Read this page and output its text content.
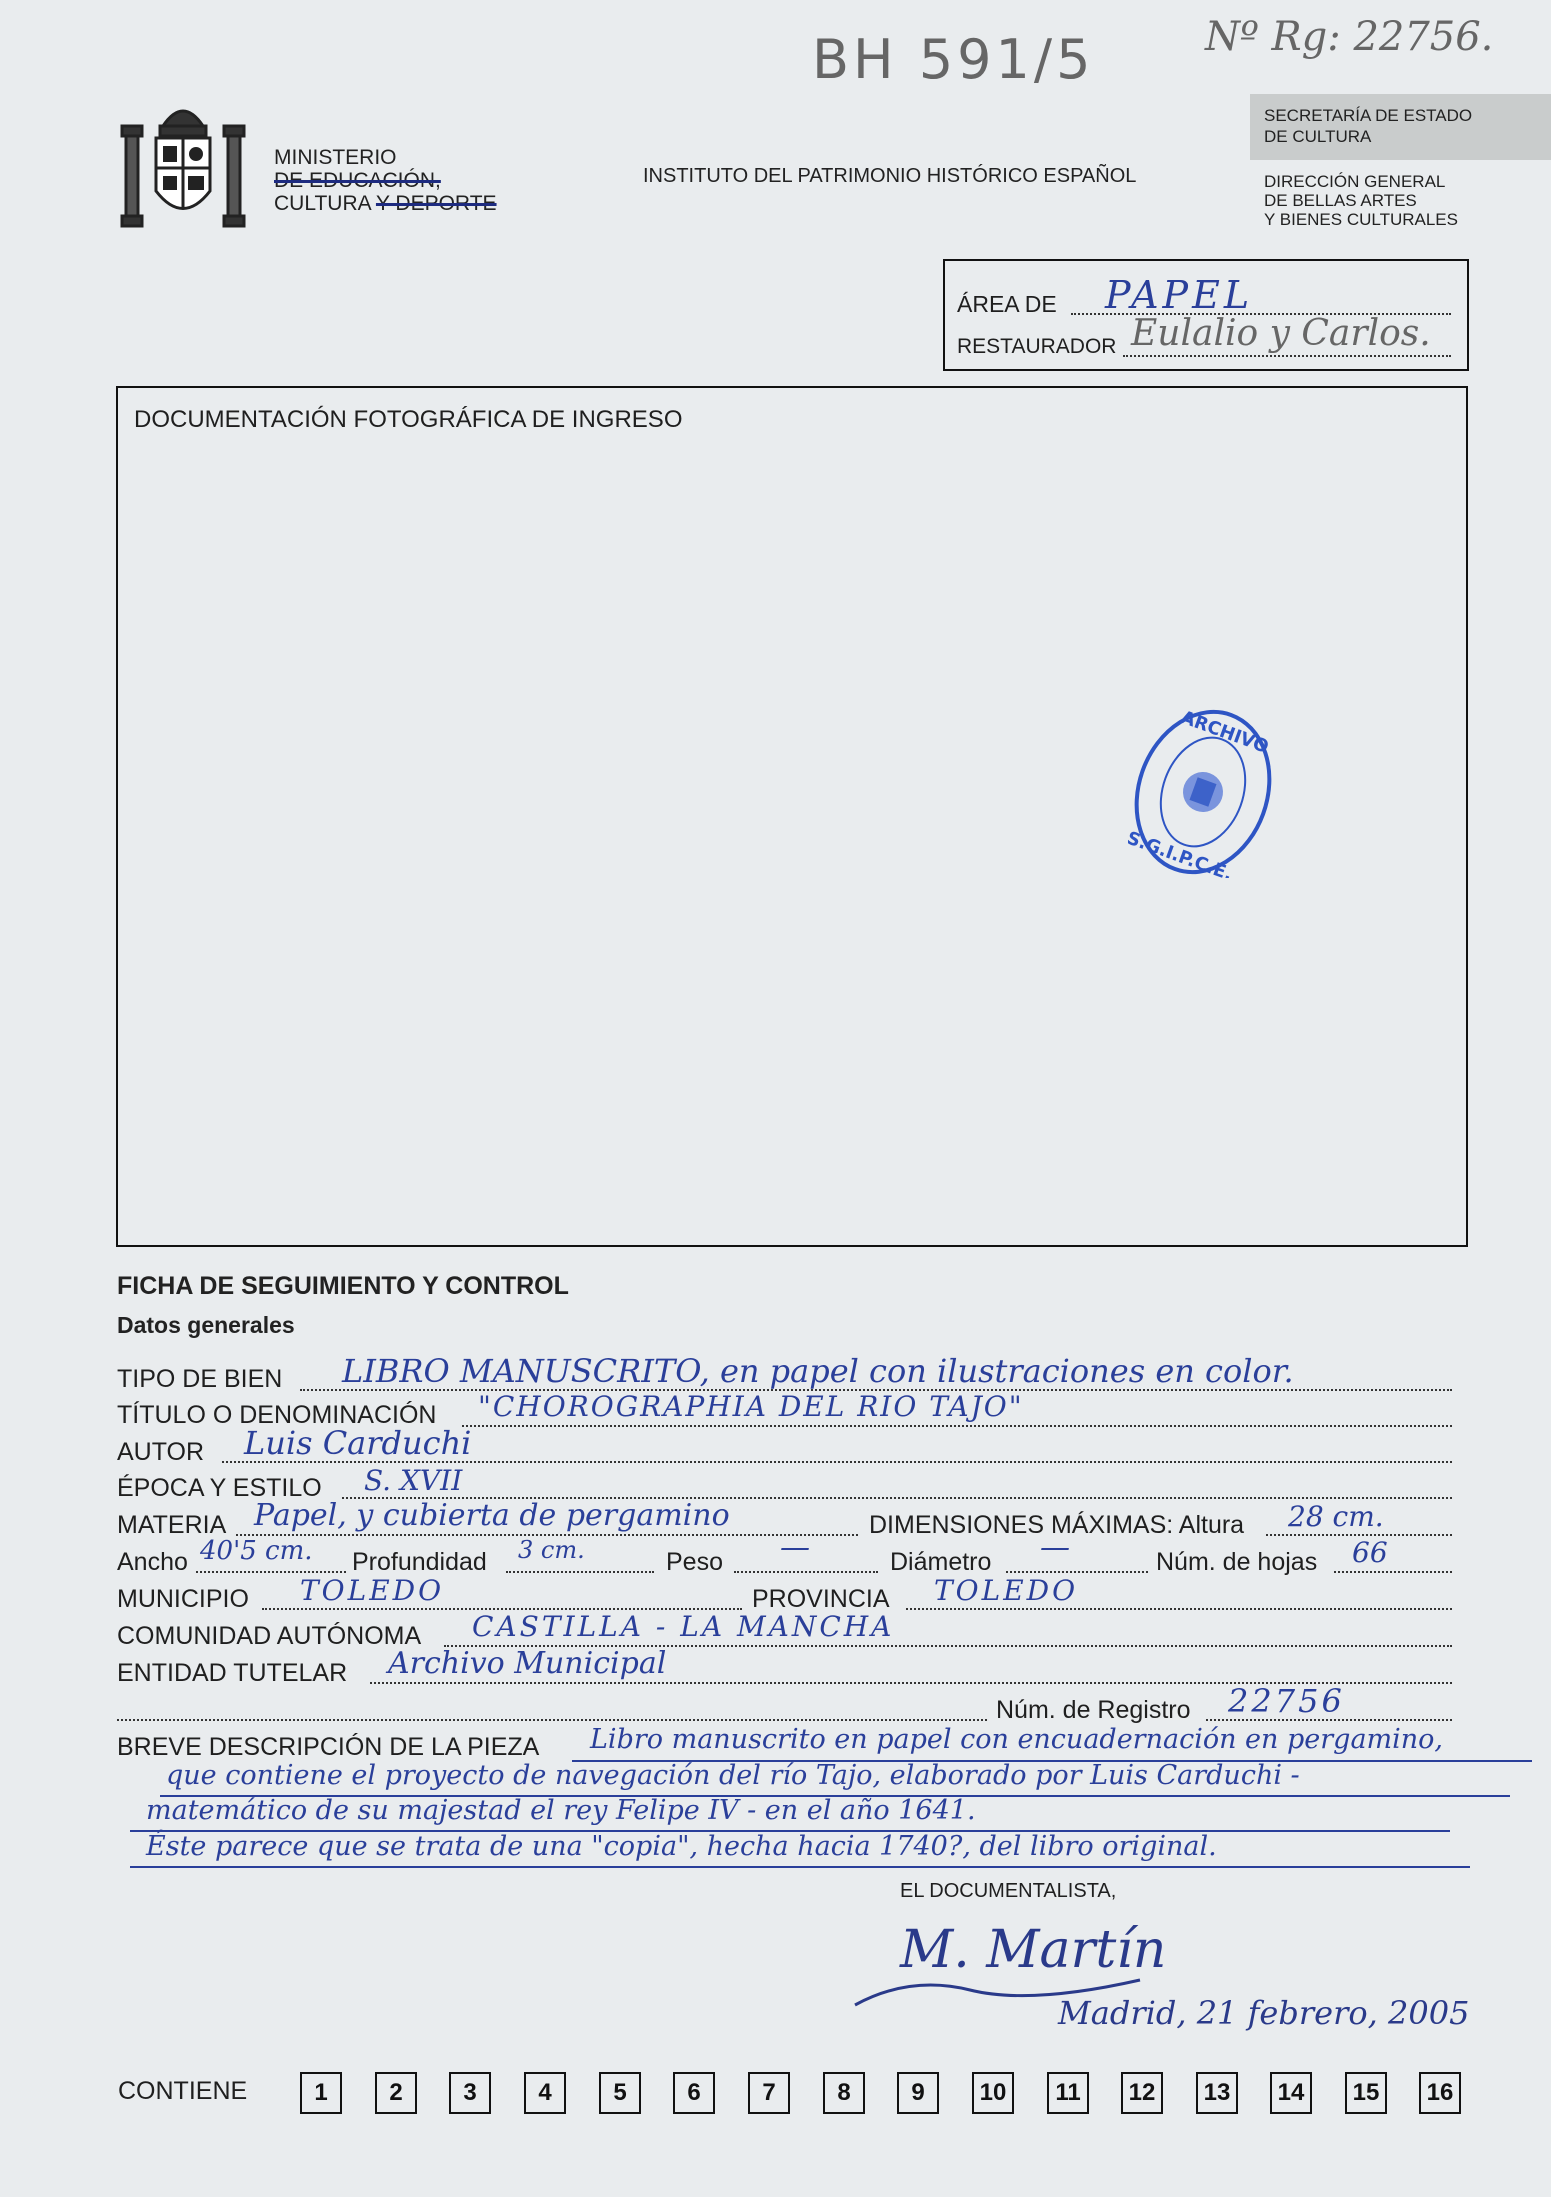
BH 591/5	Nº Rg: 22756.
MINISTERIO
DE EDUCACIÓN,
CULTURA Y DEPORTE
INSTITUTO DEL PATRIMONIO HISTÓRICO ESPAÑOL
SECRETARÍA DE ESTADO
DE CULTURA
DIRECCIÓN GENERAL
DE BELLAS ARTES
Y BIENES CULTURALES
ÁREA DE PAPEL
RESTAURADOR Eulalio y Carlos.
DOCUMENTACIÓN FOTOGRÁFICA DE INGRESO
ARCHIVO
S.G.I.P.C.E.
FICHA DE SEGUIMIENTO Y CONTROL
Datos generales
TIPO DE BIEN LIBRO MANUSCRITO, en papel con ilustraciones en color.
TÍTULO O DENOMINACIÓN "CHOROGRAPHIA DEL RIO TAJO"
AUTOR Luis Carduchi
ÉPOCA Y ESTILO S. XVII
MATERIA Papel, y cubierta de pergamino	DIMENSIONES MÁXIMAS: Altura 28 cm.
Ancho 40'5 cm. Profundidad 3 cm.	Peso —	Diámetro —	Núm. de hojas 66
MUNICIPIO TOLEDO	PROVINCIA TOLEDO
COMUNIDAD AUTÓNOMA CASTILLA - LA MANCHA
ENTIDAD TUTELAR Archivo Municipal
Núm. de Registro 22756
BREVE DESCRIPCIÓN DE LA PIEZA Libro manuscrito en papel con encuadernación en pergamino,
que contiene el proyecto de navegación del río Tajo, elaborado por Luis Carduchi -
matemático de su majestad el rey Felipe IV - en el año 1641.
Éste parece que se trata de una "copia", hecha hacia 1740?, del libro original.
EL DOCUMENTALISTA,
M. Martín
Madrid, 21 febrero, 2005
CONTIENE	1	2	3	4	5	6	7	8	9	10	11	12	13	14	15	16
